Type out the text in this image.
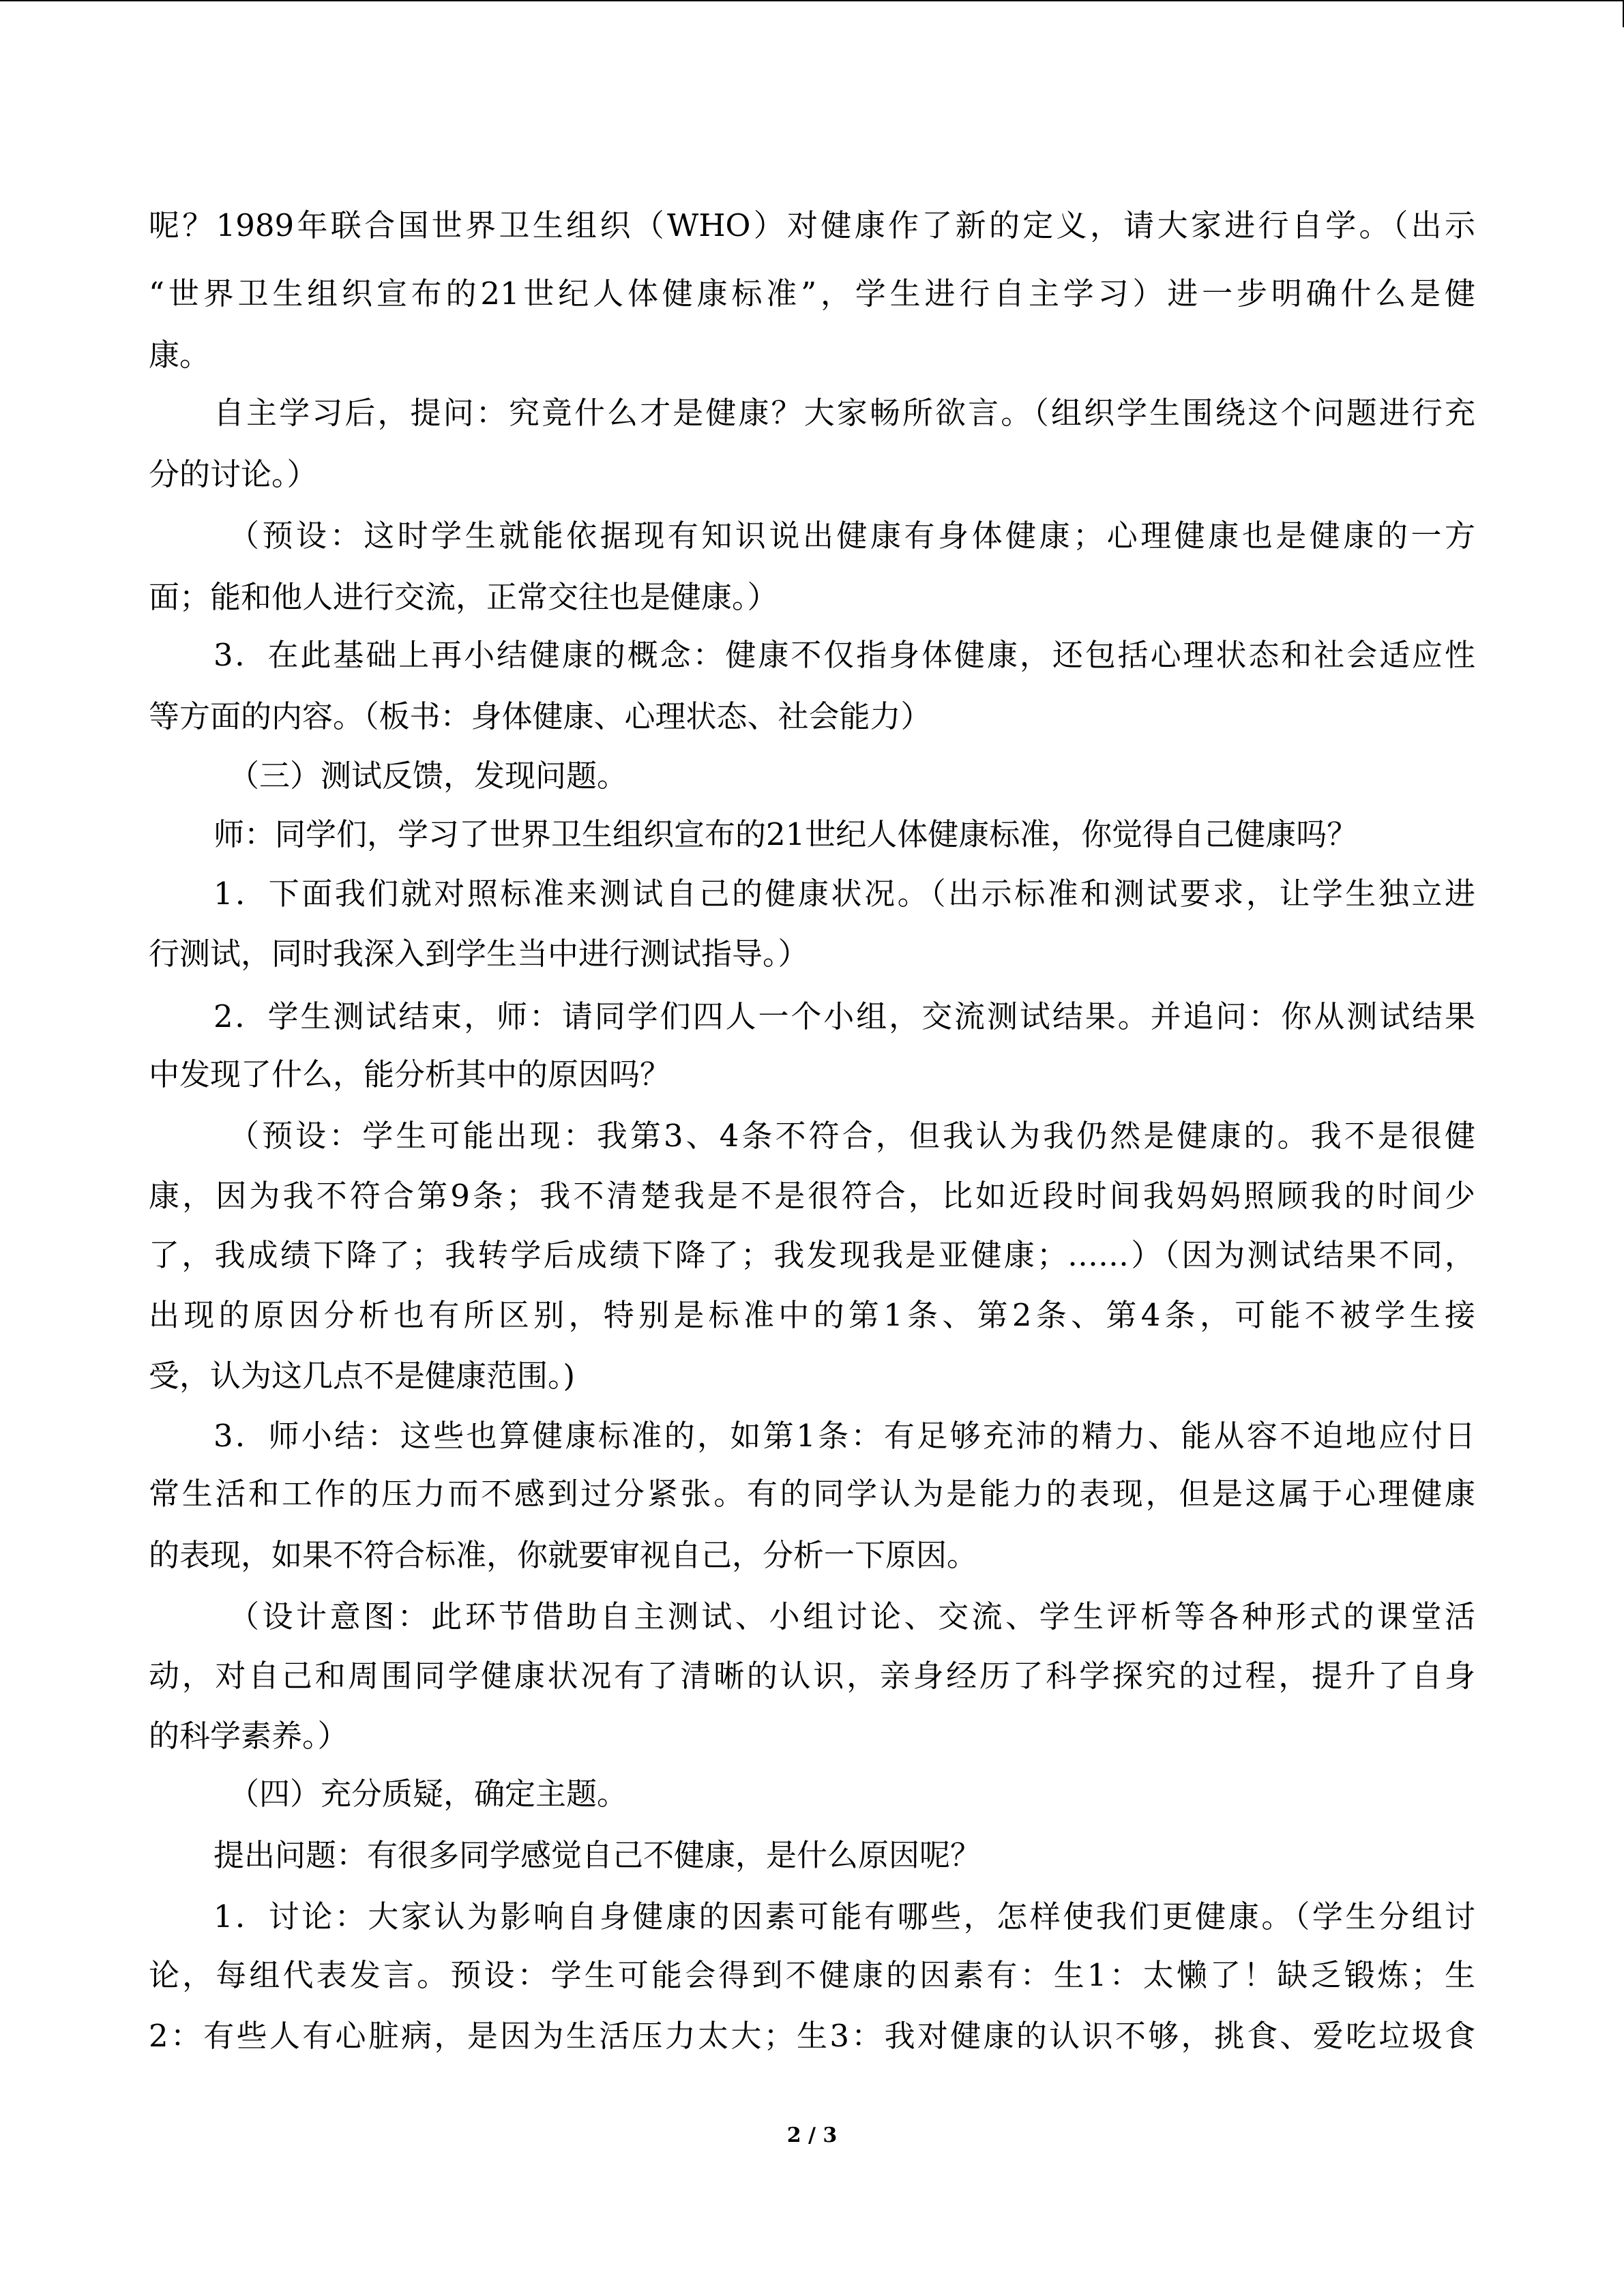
呢？1989年联合国世界卫生组织（WHO）对健康作了新的定义，请大家进行自学。（出示
“世界卫生组织宣布的21世纪人体健康标准”，学生进行自主学习）进一步明确什么是健
康。
自主学习后，提问：究竟什么才是健康？大家畅所欲言。（组织学生围绕这个问题进行充
分的讨论。）
（预设：这时学生就能依据现有知识说出健康有身体健康；心理健康也是健康的一方
面；能和他人进行交流，正常交往也是健康。）
3．在此基础上再小结健康的概念：健康不仅指身体健康，还包括心理状态和社会适应性
等方面的内容。（板书：身体健康、心理状态、社会能力）
（三）测试反馈，发现问题。
师：同学们，学习了世界卫生组织宣布的21世纪人体健康标准，你觉得自己健康吗？
1．下面我们就对照标准来测试自己的健康状况。（出示标准和测试要求，让学生独立进
行测试，同时我深入到学生当中进行测试指导。）
2．学生测试结束，师：请同学们四人一个小组，交流测试结果。并追问：你从测试结果
中发现了什么，能分析其中的原因吗？
（预设：学生可能出现：我第3、4条不符合，但我认为我仍然是健康的。我不是很健
康，因为我不符合第9条；我不清楚我是不是很符合，比如近段时间我妈妈照顾我的时间少
了，我成绩下降了；我转学后成绩下降了；我发现我是亚健康；……）（因为测试结果不同，
出现的原因分析也有所区别，特别是标准中的第1条、第2条、第4条，可能不被学生接
受，认为这几点不是健康范围。)
3．师小结：这些也算健康标准的，如第1条：有足够充沛的精力、能从容不迫地应付日
常生活和工作的压力而不感到过分紧张。有的同学认为是能力的表现，但是这属于心理健康
的表现，如果不符合标准，你就要审视自己，分析一下原因。
（设计意图：此环节借助自主测试、小组讨论、交流、学生评析等各种形式的课堂活
动，对自己和周围同学健康状况有了清晰的认识，亲身经历了科学探究的过程，提升了自身
的科学素养。）
（四）充分质疑，确定主题。
提出问题：有很多同学感觉自己不健康，是什么原因呢？
1．讨论：大家认为影响自身健康的因素可能有哪些，怎样使我们更健康。（学生分组讨
论，每组代表发言。预设：学生可能会得到不健康的因素有：生1：太懒了！缺乏锻炼；生
2：有些人有心脏病，是因为生活压力太大；生3：我对健康的认识不够，挑食、爱吃垃圾食
2 / 3
